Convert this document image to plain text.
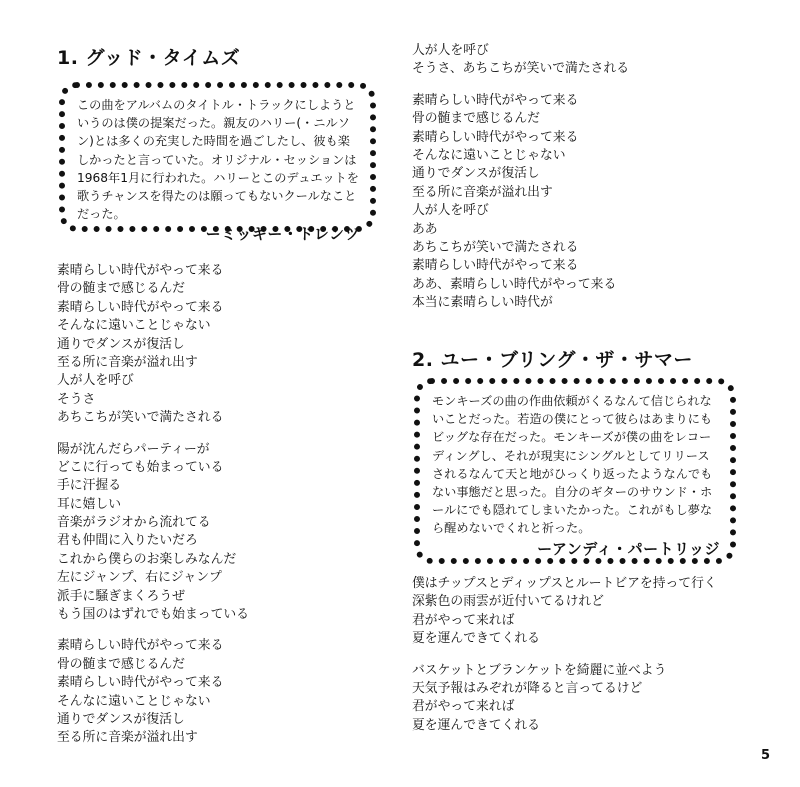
1. グッド・タイムズ

この曲をアルバムのタイトル・トラックにしようというのは僕の提案だった。親友のハリー(・ニルソン)とは多くの充実した時間を過ごしたし、彼も楽しかったと言っていた。オリジナル・セッションは1968年1月に行われた。ハリーとこのデュエットを歌うチャンスを得たのは願ってもないクールなことだった。

ーミッキー・ドレンツ
素晴らしい時代がやって来る
骨の髄まで感じるんだ
素晴らしい時代がやって来る
そんなに遠いことじゃない
通りでダンスが復活し
至る所に音楽が溢れ出す
人が人を呼び
そうさ
あちこちが笑いで満たされる
陽が沈んだらパーティーが
どこに行っても始まっている
手に汗握る
耳に嬉しい
音楽がラジオから流れてる
君も仲間に入りたいだろ
これから僕らのお楽しみなんだ
左にジャンプ、右にジャンプ
派手に騒ぎまくろうぜ
もう国のはずれでも始まっている
素晴らしい時代がやって来る
骨の髄まで感じるんだ
素晴らしい時代がやって来る
そんなに遠いことじゃない
通りでダンスが復活し
至る所に音楽が溢れ出す
人が人を呼び
そうさ、あちこちが笑いで満たされる
素晴らしい時代がやって来る
骨の髄まで感じるんだ
素晴らしい時代がやって来る
そんなに遠いことじゃない
通りでダンスが復活し
至る所に音楽が溢れ出す
人が人を呼び
ああ
あちこちが笑いで満たされる
素晴らしい時代がやって来る
ああ、素晴らしい時代がやって来る
本当に素晴らしい時代が
2. ユー・ブリング・ザ・サマー

モンキーズの曲の作曲依頼がくるなんて信じられないことだった。若造の僕にとって彼らはあまりにもビッグな存在だった。モンキーズが僕の曲をレコーディングし、それが現実にシングルとしてリリースされるなんて天と地がひっくり返ったようなんでもない事態だと思った。自分のギターのサウンド・ホールにでも隠れてしまいたかった。これがもし夢なら醒めないでくれと祈った。

ーアンディ・パートリッジ
僕はチップスとディップスとルートビアを持って行く
深紫色の雨雲が近付いてるけれど
君がやって来れば
夏を運んできてくれる
バスケットとブランケットを綺麗に並べよう
天気予報はみぞれが降ると言ってるけど
君がやって来れば
夏を運んできてくれる
5
